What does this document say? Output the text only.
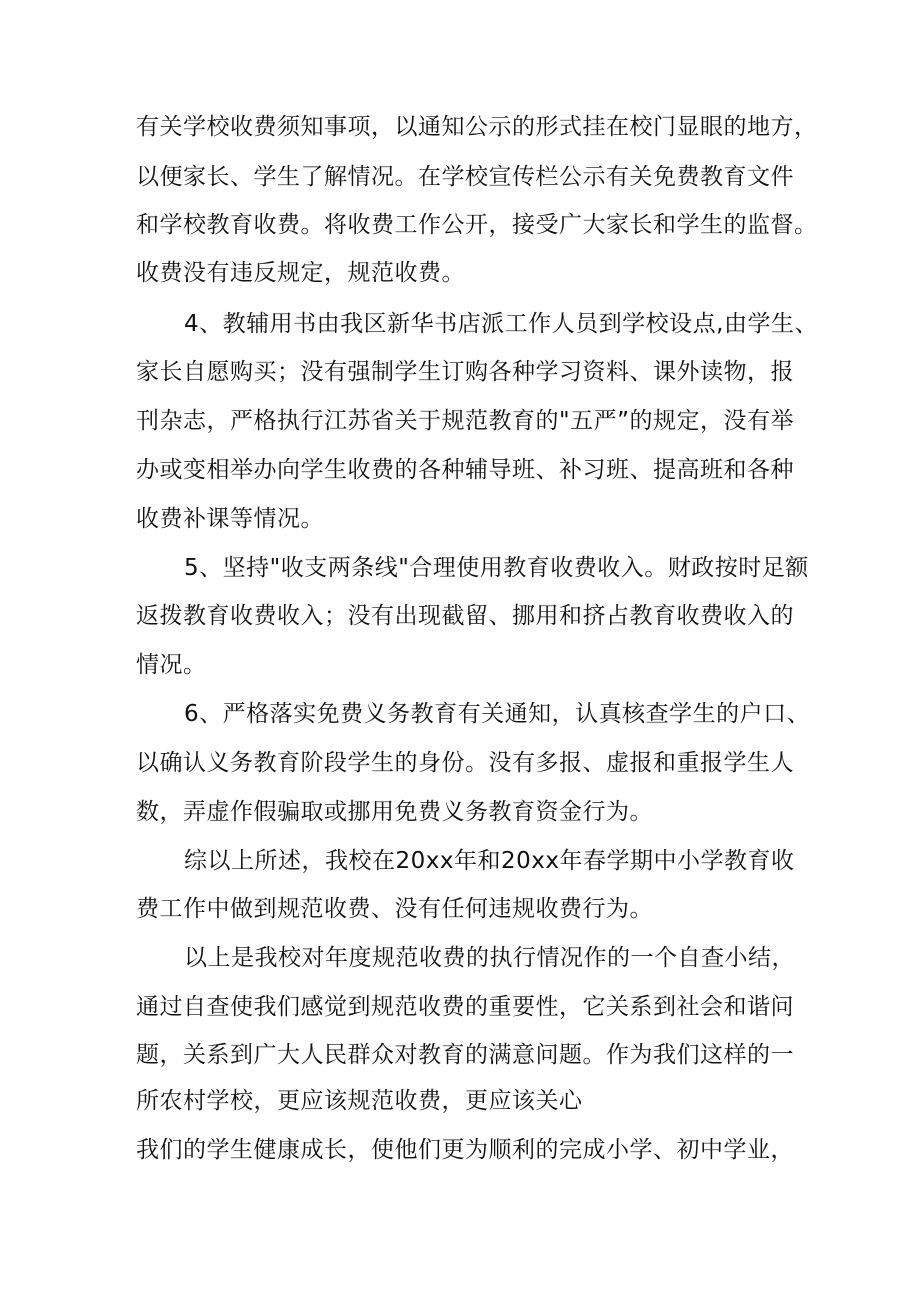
有关学校收费须知事项，以通知公示的形式挂在校门显眼的地方，
以便家长、学生了解情况。在学校宣传栏公示有关免费教育文件
和学校教育收费。将收费工作公开，接受广大家长和学生的监督。
收费没有违反规定，规范收费。
4、教辅用书由我区新华书店派工作人员到学校设点,由学生、
家长自愿购买；没有强制学生订购各种学习资料、课外读物，报
刊杂志，严格执行江苏省关于规范教育的"五严”的规定，没有举
办或变相举办向学生收费的各种辅导班、补习班、提高班和各种
收费补课等情况。
5、坚持"收支两条线"合理使用教育收费收入。财政按时足额
返拨教育收费收入；没有出现截留、挪用和挤占教育收费收入的
情况。
6、严格落实免费义务教育有关通知，认真核查学生的户口、
以确认义务教育阶段学生的身份。没有多报、虚报和重报学生人
数，弄虚作假骗取或挪用免费义务教育资金行为。
综以上所述，我校在20xx年和20xx年春学期中小学教育收
费工作中做到规范收费、没有任何违规收费行为。
以上是我校对年度规范收费的执行情况作的一个自查小结，
通过自查使我们感觉到规范收费的重要性，它关系到社会和谐问
题，关系到广大人民群众对教育的满意问题。作为我们这样的一
所农村学校，更应该规范收费，更应该关心
我们的学生健康成长，使他们更为顺利的完成小学、初中学业，
